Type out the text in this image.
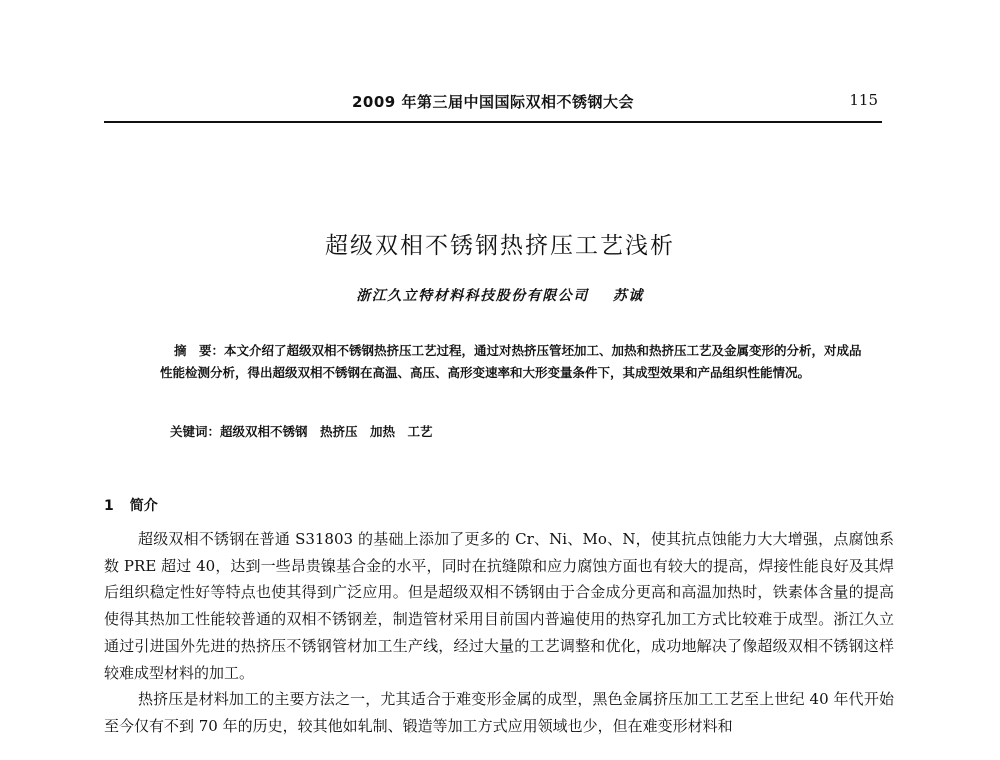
2009 年第三届中国国际双相不锈钢大会	115
超级双相不锈钢热挤压工艺浅析
浙江久立特材料科技股份有限公司 苏诚
摘　要：本文介绍了超级双相不锈钢热挤压工艺过程，通过对热挤压管坯加工、加热和热挤压工艺及金属变形的分析，对成品性能检测分析，得出超级双相不锈钢在高温、高压、高形变速率和大形变量条件下，其成型效果和产品组织性能情况。
关键词：超级双相不锈钢　热挤压　加热　工艺
1 简介

超级双相不锈钢在普通 S31803 的基础上添加了更多的 Cr、Ni、Mo、N，使其抗点蚀能力大大增强，点腐蚀系数 PRE 超过 40，达到一些昂贵镍基合金的水平，同时在抗缝隙和应力腐蚀方面也有较大的提高，焊接性能良好及其焊后组织稳定性好等特点也使其得到广泛应用。但是超级双相不锈钢由于合金成分更高和高温加热时，铁素体含量的提高使得其热加工性能较普通的双相不锈钢差，制造管材采用目前国内普遍使用的热穿孔加工方式比较难于成型。浙江久立通过引进国外先进的热挤压不锈钢管材加工生产线，经过大量的工艺调整和优化，成功地解决了像超级双相不锈钢这样较难成型材料的加工。

热挤压是材料加工的主要方法之一，尤其适合于难变形金属的成型，黑色金属挤压加工工艺至上世纪 40 年代开始至今仅有不到 70 年的历史，较其他如轧制、锻造等加工方式应用领域也少，但在难变形材料和
